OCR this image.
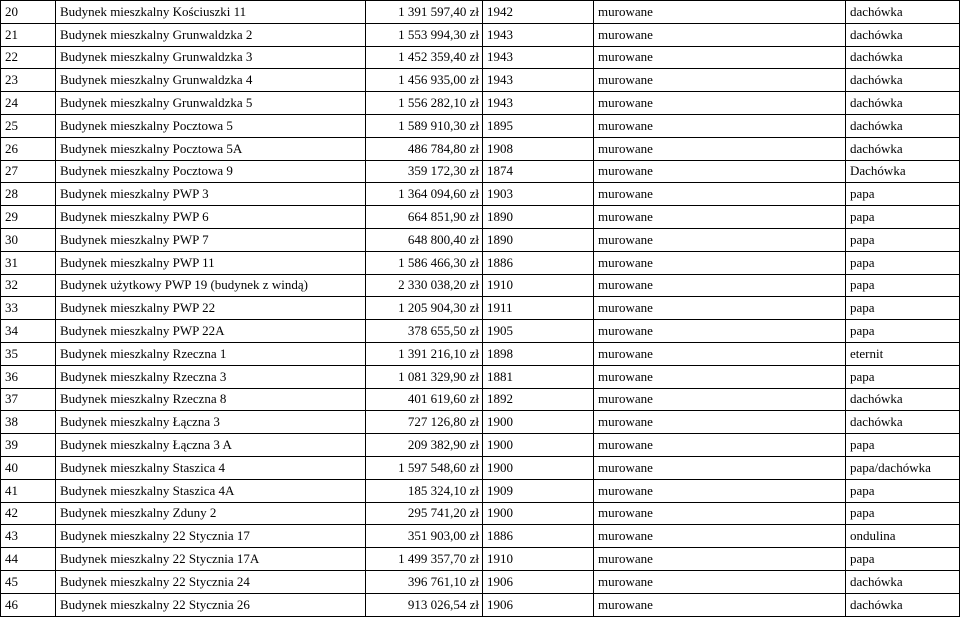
20	Budynek mieszkalny Kościuszki 11	1 391 597,40 zł	1942	murowane	dachówka
21	Budynek mieszkalny Grunwaldzka 2	1 553 994,30 zł	1943	murowane	dachówka
22	Budynek mieszkalny Grunwaldzka 3	1 452 359,40 zł	1943	murowane	dachówka
23	Budynek mieszkalny Grunwaldzka 4	1 456 935,00 zł	1943	murowane	dachówka
24	Budynek mieszkalny Grunwaldzka 5	1 556 282,10 zł	1943	murowane	dachówka
25	Budynek mieszkalny Pocztowa 5	1 589 910,30 zł	1895	murowane	dachówka
26	Budynek mieszkalny Pocztowa 5A	486 784,80 zł	1908	murowane	dachówka
27	Budynek mieszkalny Pocztowa 9	359 172,30 zł	1874	murowane	Dachówka
28	Budynek mieszkalny PWP 3	1 364 094,60 zł	1903	murowane	papa
29	Budynek mieszkalny PWP 6	664 851,90 zł	1890	murowane	papa
30	Budynek mieszkalny PWP 7	648 800,40 zł	1890	murowane	papa
31	Budynek mieszkalny PWP 11	1 586 466,30 zł	1886	murowane	papa
32	Budynek użytkowy PWP 19 (budynek z windą)	2 330 038,20 zł	1910	murowane	papa
33	Budynek mieszkalny PWP 22	1 205 904,30 zł	1911	murowane	papa
34	Budynek mieszkalny PWP 22A	378 655,50 zł	1905	murowane	papa
35	Budynek mieszkalny Rzeczna 1	1 391 216,10 zł	1898	murowane	eternit
36	Budynek mieszkalny Rzeczna 3	1 081 329,90 zł	1881	murowane	papa
37	Budynek mieszkalny Rzeczna 8	401 619,60 zł	1892	murowane	dachówka
38	Budynek mieszkalny Łączna 3	727 126,80 zł	1900	murowane	dachówka
39	Budynek mieszkalny Łączna 3 A	209 382,90 zł	1900	murowane	papa
40	Budynek mieszkalny Staszica 4	1 597 548,60 zł	1900	murowane	papa/dachówka
41	Budynek mieszkalny Staszica 4A	185 324,10 zł	1909	murowane	papa
42	Budynek mieszkalny Zduny 2	295 741,20 zł	1900	murowane	papa
43	Budynek mieszkalny 22 Stycznia 17	351 903,00 zł	1886	murowane	ondulina
44	Budynek mieszkalny 22 Stycznia 17A	1 499 357,70 zł	1910	murowane	papa
45	Budynek mieszkalny 22 Stycznia 24	396 761,10 zł	1906	murowane	dachówka
46	Budynek mieszkalny 22 Stycznia 26	913 026,54 zł	1906	murowane	dachówka
